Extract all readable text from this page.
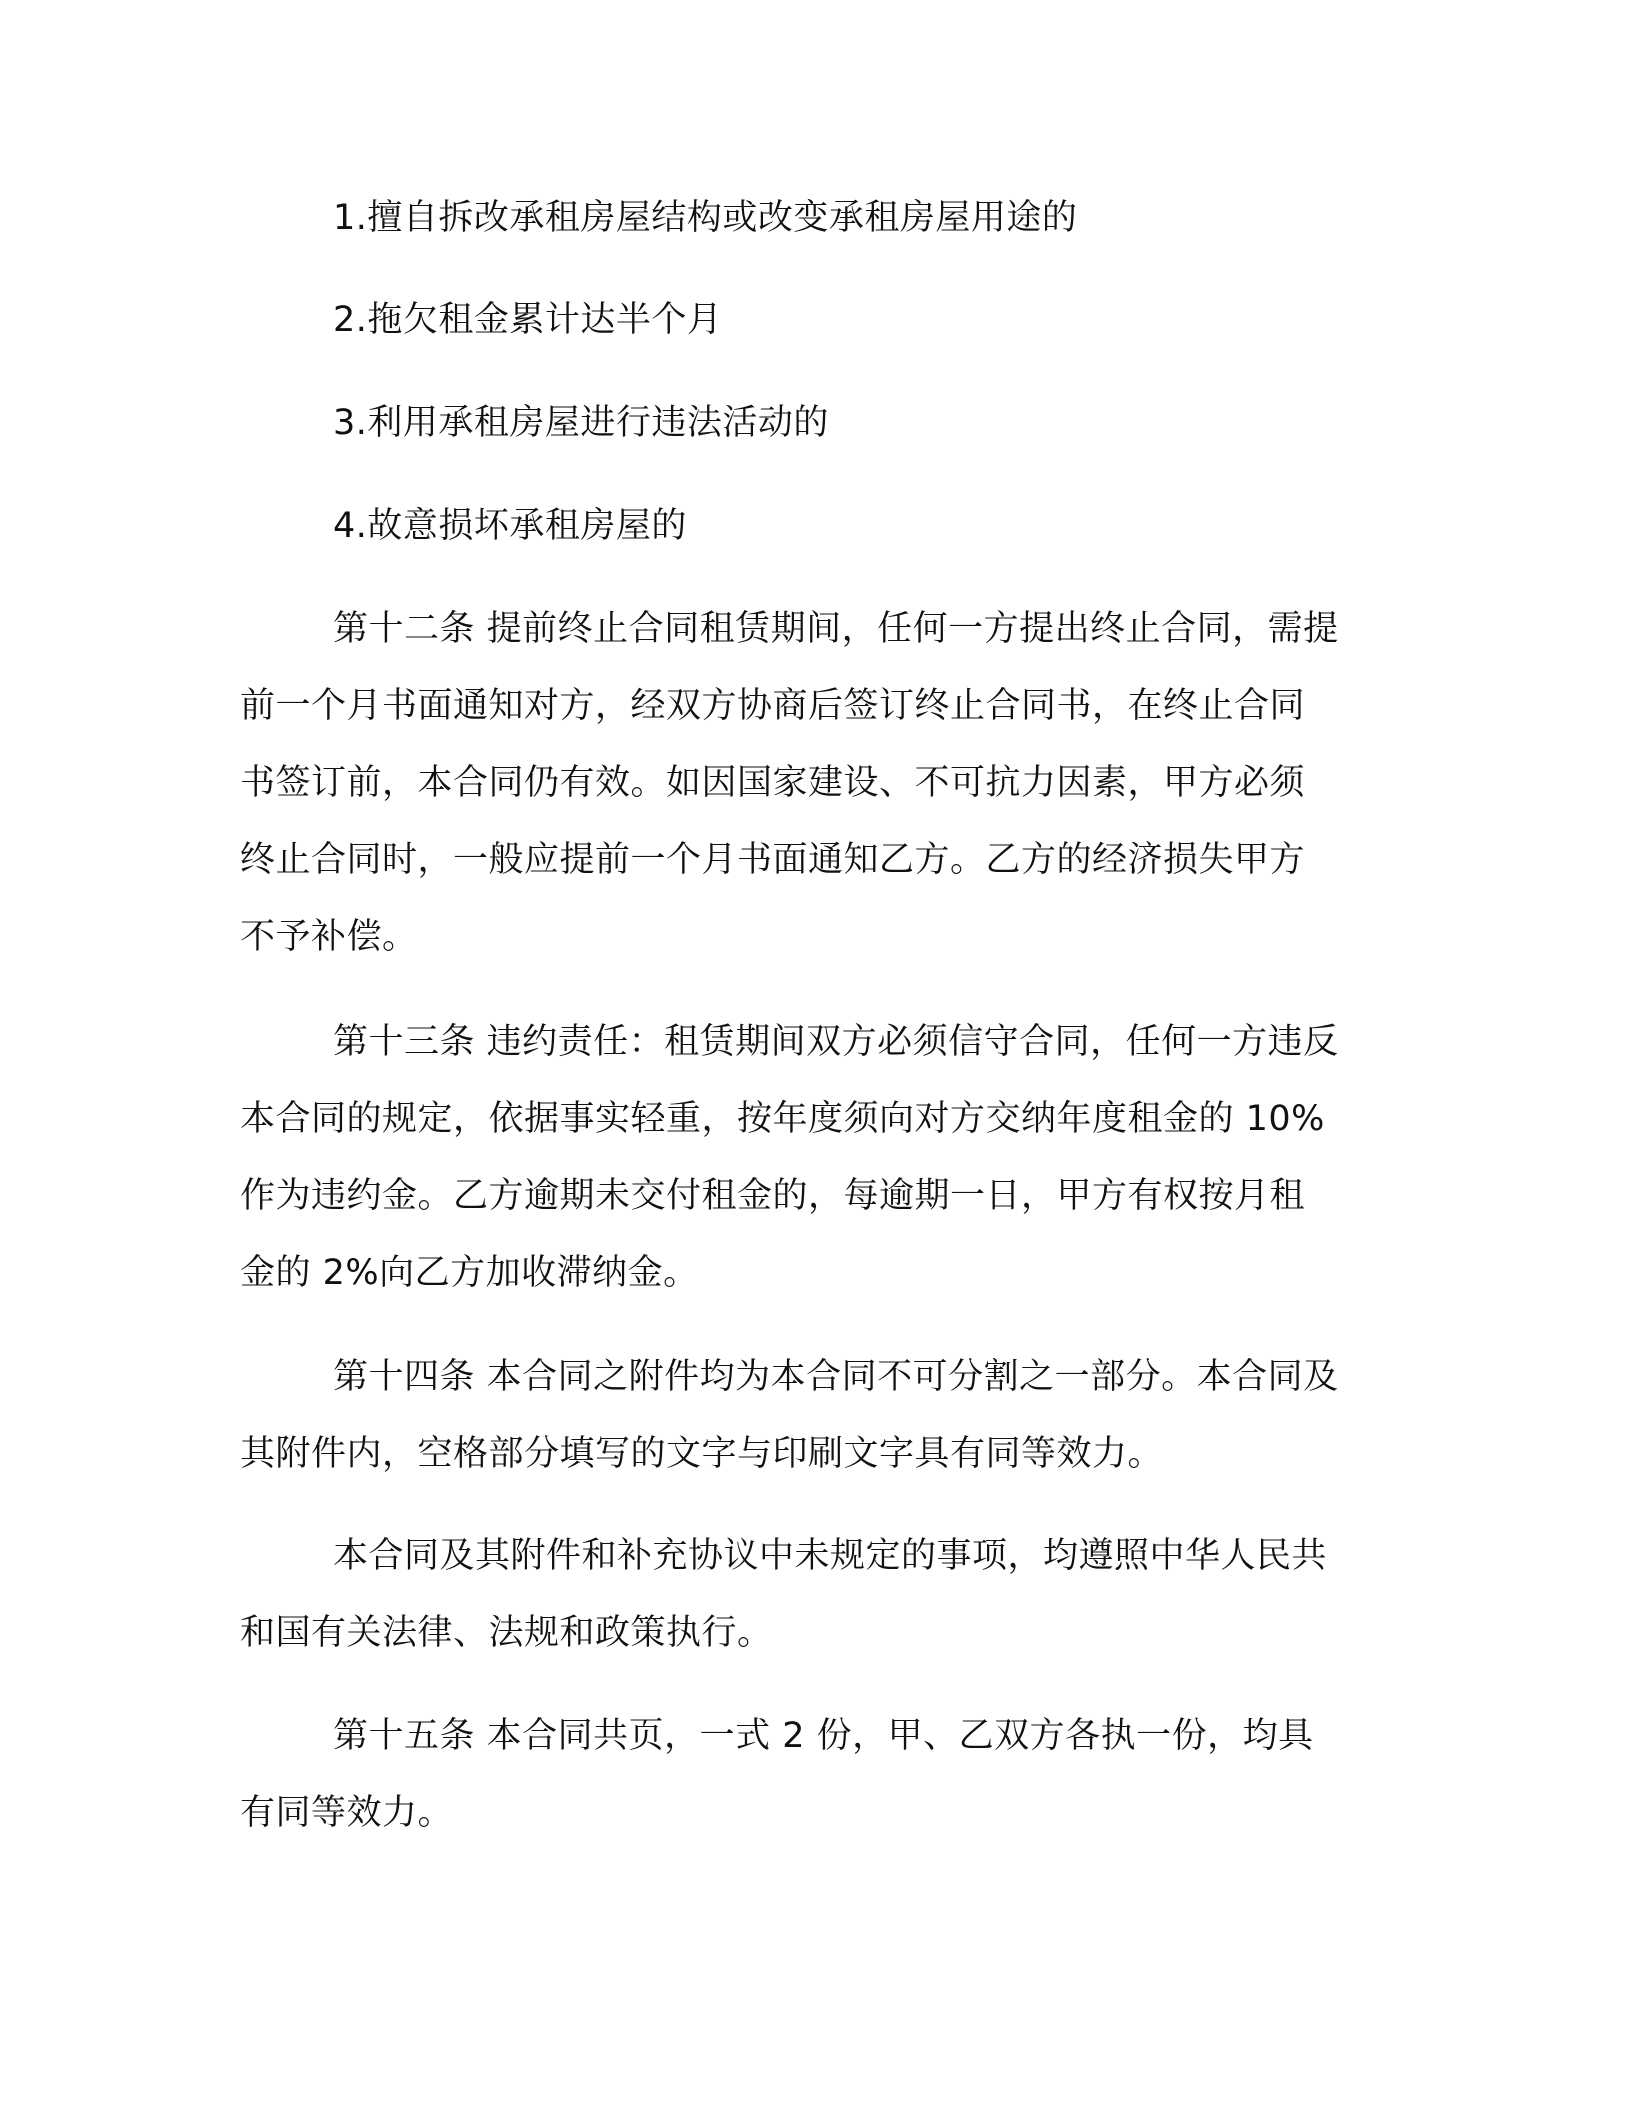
1.擅自拆改承租房屋结构或改变承租房屋用途的
2.拖欠租金累计达半个月
3.利用承租房屋进行违法活动的
4.故意损坏承租房屋的
第十二条 提前终止合同租赁期间，任何一方提出终止合同，需提
前一个月书面通知对方，经双方协商后签订终止合同书，在终止合同
书签订前，本合同仍有效。如因国家建设、不可抗力因素，甲方必须
终止合同时，一般应提前一个月书面通知乙方。乙方的经济损失甲方
不予补偿。
第十三条 违约责任：租赁期间双方必须信守合同，任何一方违反
本合同的规定，依据事实轻重，按年度须向对方交纳年度租金的 10%
作为违约金。乙方逾期未交付租金的，每逾期一日，甲方有权按月租
金的 2%向乙方加收滞纳金。
第十四条 本合同之附件均为本合同不可分割之一部分。本合同及
其附件内，空格部分填写的文字与印刷文字具有同等效力。
本合同及其附件和补充协议中未规定的事项，均遵照中华人民共
和国有关法律、法规和政策执行。
第十五条 本合同共页，一式 2 份，甲、乙双方各执一份，均具
有同等效力。
